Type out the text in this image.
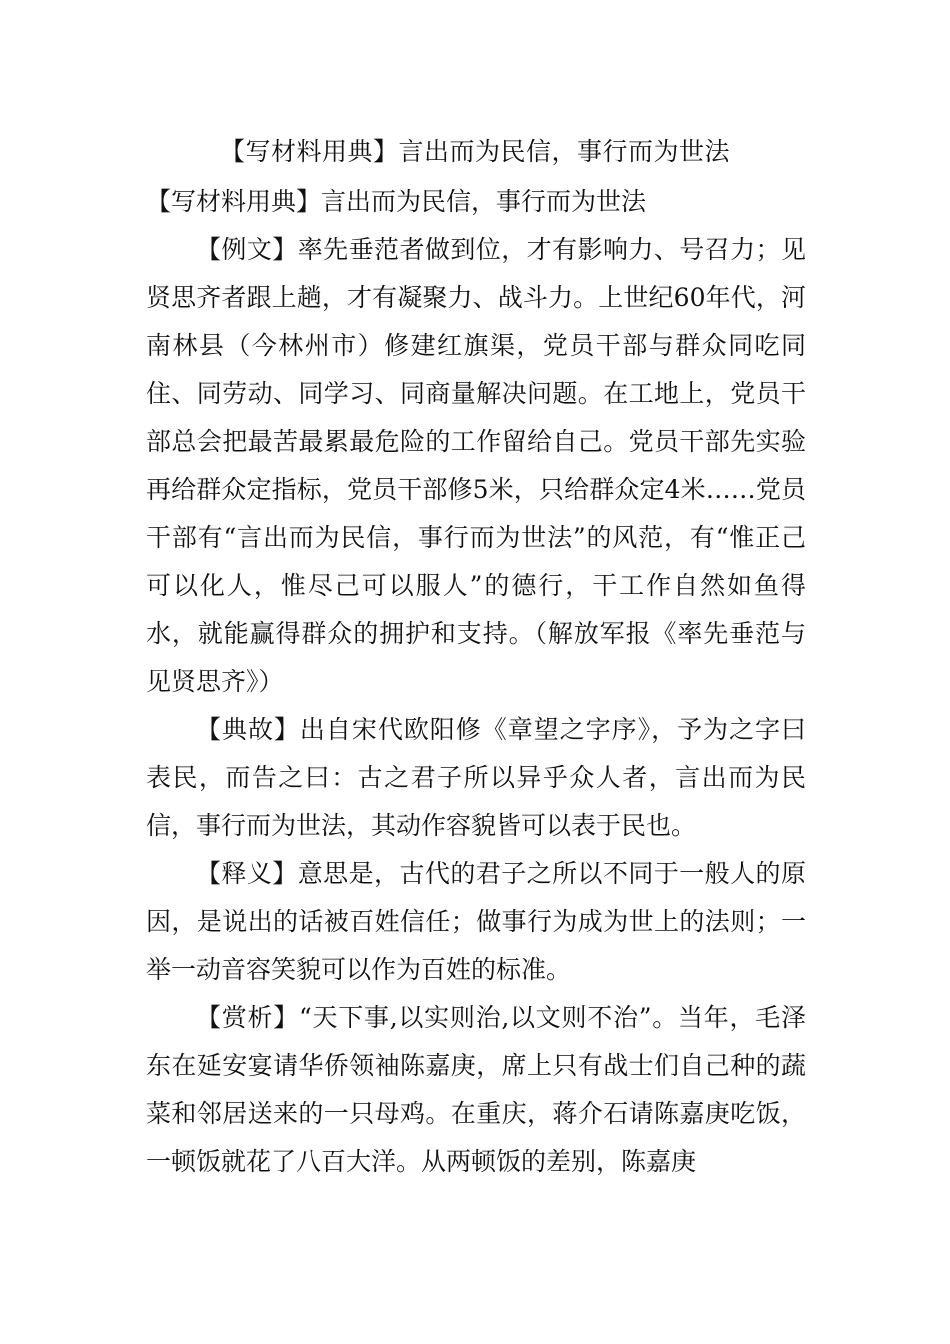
【写材料用典】言出而为民信，事行而为世法

【写材料用典】言出而为民信，事行而为世法

【例文】率先垂范者做到位，才有影响力、号召力；见贤思齐者跟上趟，才有凝聚力、战斗力。上世纪60年代，河南林县（今林州市）修建红旗渠，党员干部与群众同吃同住、同劳动、同学习、同商量解决问题。在工地上，党员干部总会把最苦最累最危险的工作留给自己。党员干部先实验再给群众定指标，党员干部修5米，只给群众定4米……党员干部有“言出而为民信，事行而为世法”的风范，有“惟正己可以化人，惟尽己可以服人”的德行，干工作自然如鱼得水，就能赢得群众的拥护和支持。（解放军报《率先垂范与见贤思齐》）

【典故】出自宋代欧阳修《章望之字序》，予为之字曰表民，而告之曰：古之君子所以异乎众人者，言出而为民信，事行而为世法，其动作容貌皆可以表于民也。

【释义】意思是，古代的君子之所以不同于一般人的原因，是说出的话被百姓信任；做事行为成为世上的法则；一举一动音容笑貌可以作为百姓的标准。

【赏析】“天下事,以实则治,以文则不治”。当年，毛泽东在延安宴请华侨领袖陈嘉庚，席上只有战士们自己种的蔬菜和邻居送来的一只母鸡。在重庆，蒋介石请陈嘉庚吃饭，一顿饭就花了八百大洋。从两顿饭的差别，陈嘉庚
